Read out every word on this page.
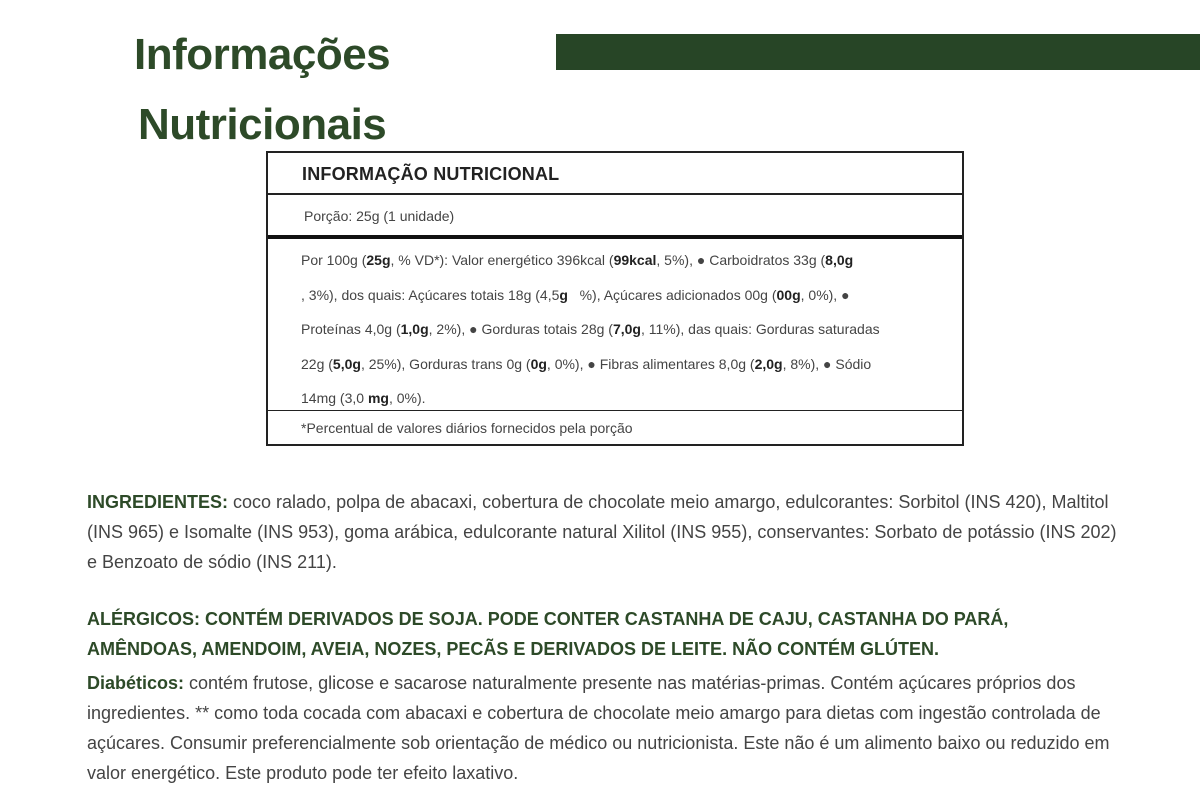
Informações
Nutricionais
INFORMAÇÃO NUTRICIONAL
Porção: 25g (1 unidade)
Por 100g (25g, % VD*): Valor energético 396kcal (99kcal, 5%), ● Carboidratos 33g (8,0g
, 3%), dos quais: Açúcares totais 18g (4,5g   %), Açúcares adicionados 00g (00g, 0%), ●
Proteínas 4,0g (1,0g, 2%), ● Gorduras totais 28g (7,0g, 11%), das quais: Gorduras saturadas
22g (5,0g, 25%), Gorduras trans 0g (0g, 0%), ● Fibras alimentares 8,0g (2,0g, 8%), ● Sódio
14mg (3,0 mg, 0%).
*Percentual de valores diários fornecidos pela porção

INGREDIENTES: coco ralado, polpa de abacaxi, cobertura de chocolate meio amargo, edulcorantes: Sorbitol (INS 420), Maltitol (INS 965) e Isomalte (INS 953), goma arábica, edulcorante natural Xilitol (INS 955), conservantes: Sorbato de potássio (INS 202) e Benzoato de sódio (INS 211).

ALÉRGICOS: CONTÉM DERIVADOS DE SOJA. PODE CONTER CASTANHA DE CAJU, CASTANHA DO PARÁ, AMÊNDOAS, AMENDOIM, AVEIA, NOZES, PECÃS E DERIVADOS DE LEITE. NÃO CONTÉM GLÚTEN.

Diabéticos: contém frutose, glicose e sacarose naturalmente presente nas matérias-primas. Contém açúcares próprios dos ingredientes. ** como toda cocada com abacaxi e cobertura de chocolate meio amargo para dietas com ingestão controlada de açúcares. Consumir preferencialmente sob orientação de médico ou nutricionista. Este não é um alimento baixo ou reduzido em valor energético. Este produto pode ter efeito laxativo.
